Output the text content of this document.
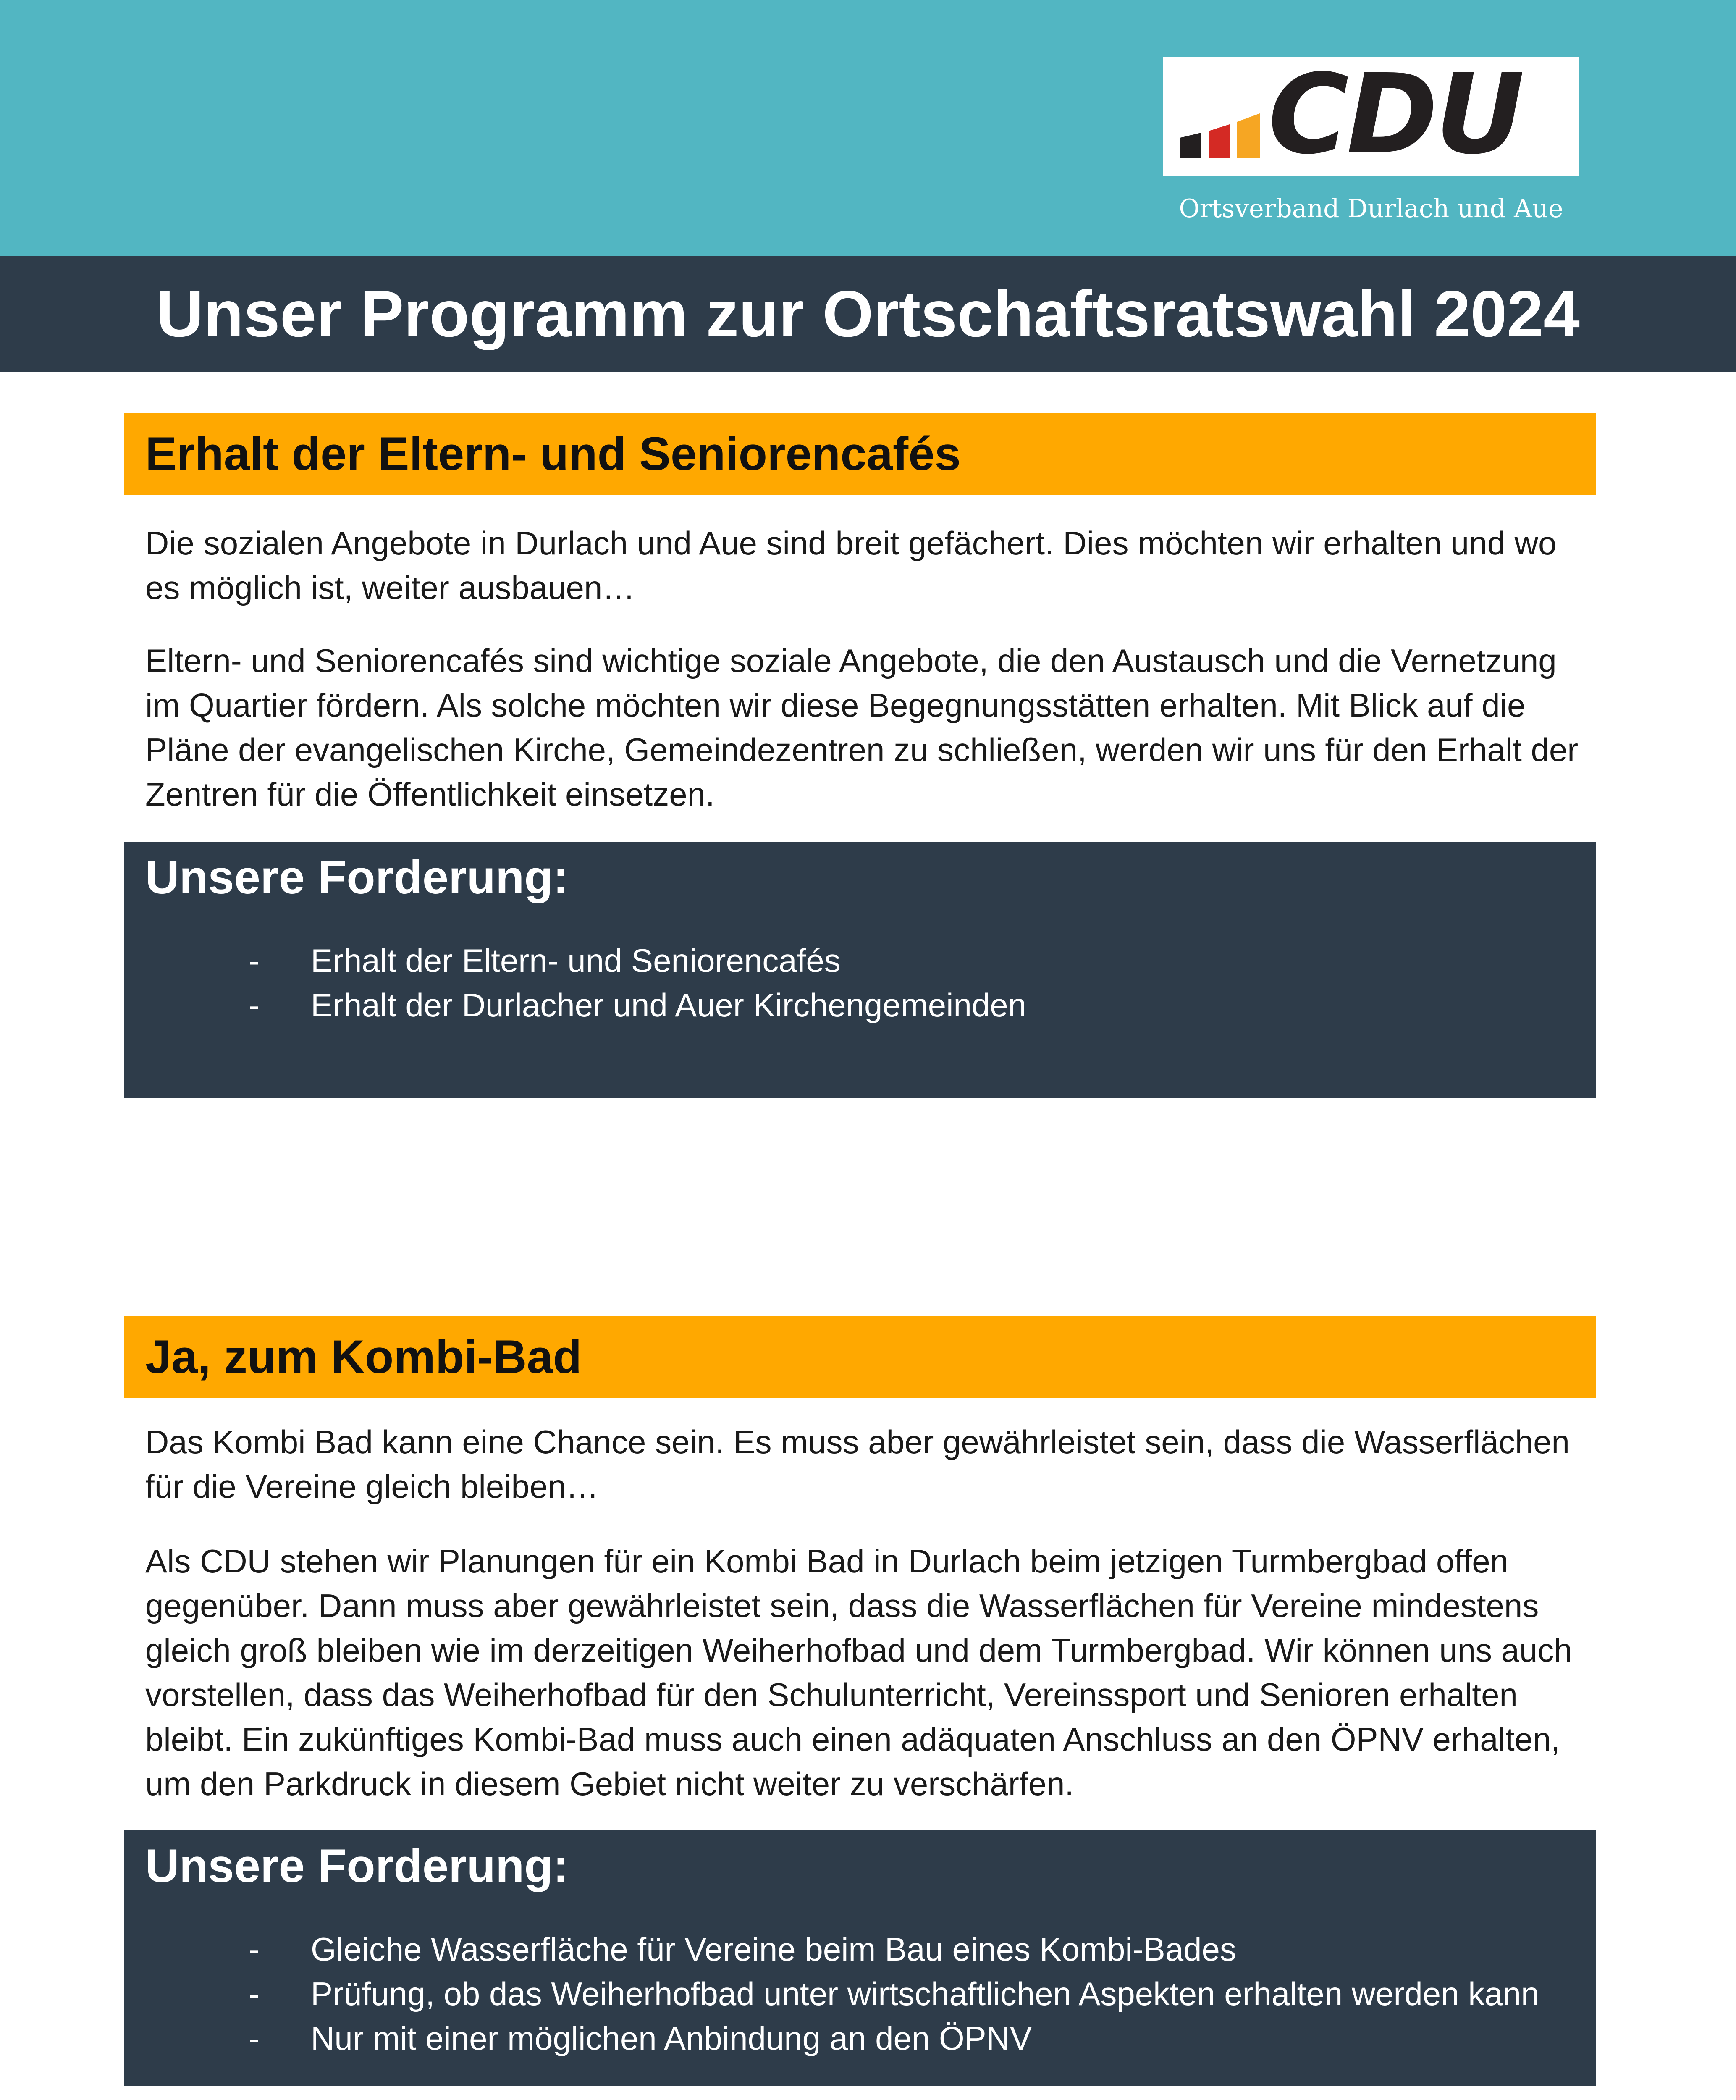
CDU
Ortsverband Durlach und Aue
Unser Programm zur Ortschaftsratswahl 2024
Erhalt der Eltern- und Seniorencafés

Die sozialen Angebote in Durlach und Aue sind breit gefächert. Dies möchten wir erhalten und wo es möglich ist, weiter ausbauen…

Eltern- und Seniorencafés sind wichtige soziale Angebote, die den Austausch und die Vernetzung im Quartier fördern. Als solche möchten wir diese Begegnungsstätten erhalten. Mit Blick auf die Pläne der evangelischen Kirche, Gemeindezentren zu schließen, werden wir uns für den Erhalt der Zentren für die Öffentlichkeit einsetzen.

Unsere Forderung:
- Erhalt der Eltern- und Seniorencafés
- Erhalt der Durlacher und Auer Kirchengemeinden
Ja, zum Kombi-Bad

Das Kombi Bad kann eine Chance sein. Es muss aber gewährleistet sein, dass die Wasserflächen für die Vereine gleich bleiben…

Als CDU stehen wir Planungen für ein Kombi Bad in Durlach beim jetzigen Turmbergbad offen gegenüber. Dann muss aber gewährleistet sein, dass die Wasserflächen für Vereine mindestens gleich groß bleiben wie im derzeitigen Weiherhofbad und dem Turmbergbad. Wir können uns auch vorstellen, dass das Weiherhofbad für den Schulunterricht, Vereinssport und Senioren erhalten bleibt. Ein zukünftiges Kombi-Bad muss auch einen adäquaten Anschluss an den ÖPNV erhalten, um den Parkdruck in diesem Gebiet nicht weiter zu verschärfen.

Unsere Forderung:
- Gleiche Wasserfläche für Vereine beim Bau eines Kombi-Bades
- Prüfung, ob das Weiherhofbad unter wirtschaftlichen Aspekten erhalten werden kann
- Nur mit einer möglichen Anbindung an den ÖPNV
